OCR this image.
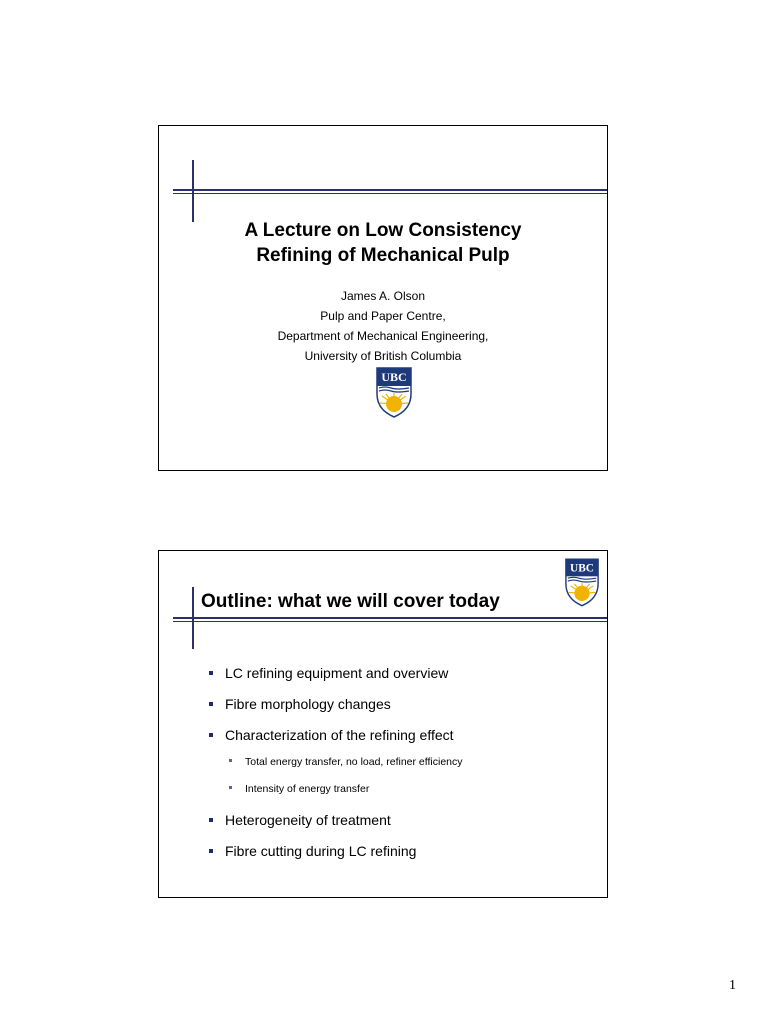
A Lecture on Low Consistency
Refining of Mechanical Pulp
James A. Olson
Pulp and Paper Centre,
Department of Mechanical Engineering,
University of British Columbia
UBC
Outline: what we will cover today
UBC
LC refining equipment and overview
Fibre morphology changes
Characterization of the refining effect
Total energy transfer, no load, refiner efficiency
Intensity of energy transfer
Heterogeneity of treatment
Fibre cutting during LC refining
1
